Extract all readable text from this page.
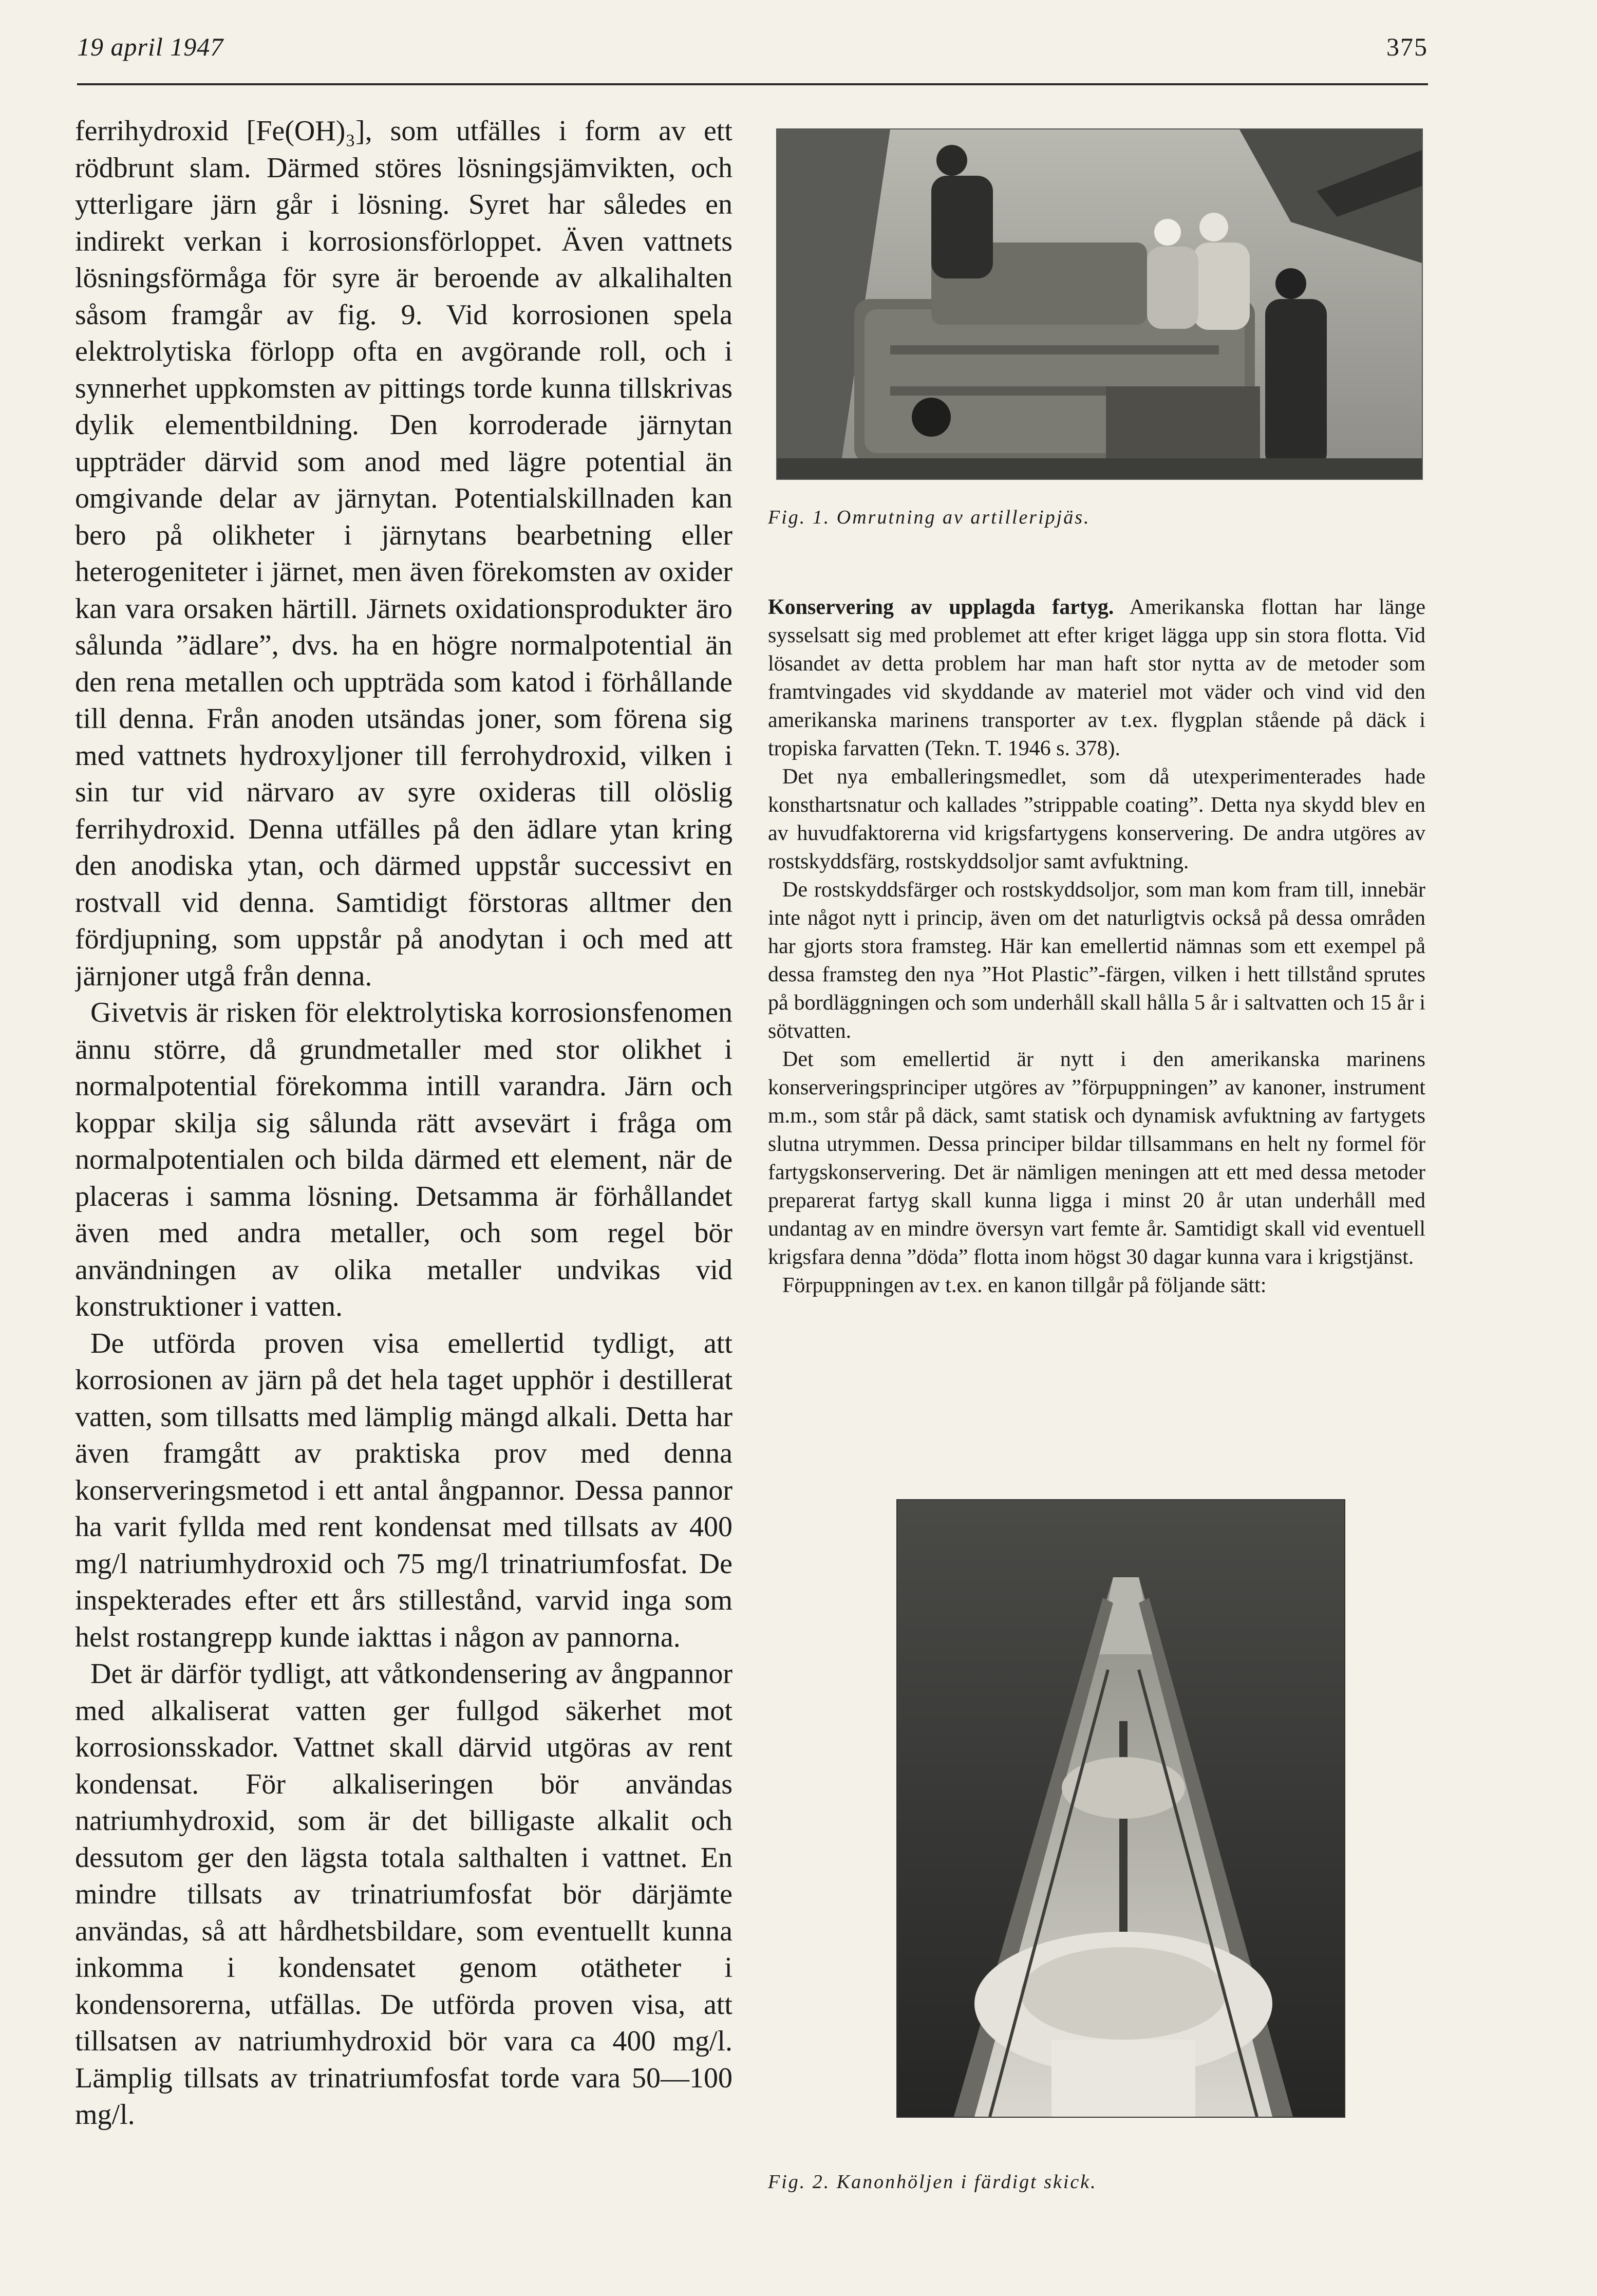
19 april 1947	375

ferrihydroxid [Fe(OH)₃], som utfälles i form av ett rödbrunt slam. Därmed störes lösningsjämvikten, och ytterligare järn går i lösning. Syret har således en indirekt verkan i korrosionsförloppet. Även vattnets lösningsförmåga för syre är beroende av alkalihalten såsom framgår av fig. 9. Vid korrosionen spela elektrolytiska förlopp ofta en avgörande roll, och i synnerhet uppkomsten av pittings torde kunna tillskrivas dylik elementbildning. Den korroderade järnytan uppträder därvid som anod med lägre potential än omgivande delar av järnytan. Potentialskillnaden kan bero på olikheter i järnytans bearbetning eller heterogeniteter i järnet, men även förekomsten av oxider kan vara orsaken härtill. Järnets oxidationsprodukter äro sålunda ”ädlare”, dvs. ha en högre normalpotential än den rena metallen och uppträda som katod i förhållande till denna. Från anoden utsändas joner, som förena sig med vattnets hydroxyljoner till ferrohydroxid, vilken i sin tur vid närvaro av syre oxideras till olöslig ferrihydroxid. Denna utfälles på den ädlare ytan kring den anodiska ytan, och därmed uppstår successivt en rostvall vid denna. Samtidigt förstoras alltmer den fördjupning, som uppstår på anodytan i och med att järnjoner utgå från denna.

Givetvis är risken för elektrolytiska korrosionsfenomen ännu större, då grundmetaller med stor olikhet i normalpotential förekomma intill varandra. Järn och koppar skilja sig sålunda rätt avsevärt i fråga om normalpotentialen och bilda därmed ett element, när de placeras i samma lösning. Detsamma är förhållandet även med andra metaller, och som regel bör användningen av olika metaller undvikas vid konstruktioner i vatten.

De utförda proven visa emellertid tydligt, att korrosionen av järn på det hela taget upphör i destillerat vatten, som tillsatts med lämplig mängd alkali. Detta har även framgått av praktiska prov med denna konserveringsmetod i ett antal ångpannor. Dessa pannor ha varit fyllda med rent kondensat med tillsats av 400 mg/l natriumhydroxid och 75 mg/l trinatriumfosfat. De inspekterades efter ett års stillestånd, varvid inga som helst rostangrepp kunde iakttas i någon av pannorna.

Det är därför tydligt, att våtkondensering av ångpannor med alkaliserat vatten ger fullgod säkerhet mot korrosionsskador. Vattnet skall därvid utgöras av rent kondensat. För alkaliseringen bör användas natriumhydroxid, som är det billigaste alkalit och dessutom ger den lägsta totala salthalten i vattnet. En mindre tillsats av trinatriumfosfat bör därjämte användas, så att hårdhetsbildare, som eventuellt kunna inkomma i kondensatet genom otätheter i kondensorerna, utfällas. De utförda proven visa, att tillsatsen av natriumhydroxid bör vara ca 400 mg/l. Lämplig tillsats av trinatriumfosfat torde vara 50—100 mg/l.

Fig. 1. Omrutning av artilleripjäs.

Konservering av upplagda fartyg. Amerikanska flottan har länge sysselsatt sig med problemet att efter kriget lägga upp sin stora flotta. Vid lösandet av detta problem har man haft stor nytta av de metoder som framtvingades vid skyddande av materiel mot väder och vind vid den amerikanska marinens transporter av t.ex. flygplan stående på däck i tropiska farvatten (Tekn. T. 1946 s. 378).

Det nya emballeringsmedlet, som då utexperimenterades hade konsthartsnatur och kallades ”strippable coating”. Detta nya skydd blev en av huvudfaktorerna vid krigsfartygens konservering. De andra utgöres av rostskyddsfärg, rostskyddsoljor samt avfuktning.

De rostskyddsfärger och rostskyddsoljor, som man kom fram till, innebär inte något nytt i princip, även om det naturligtvis också på dessa områden har gjorts stora framsteg. Här kan emellertid nämnas som ett exempel på dessa framsteg den nya ”Hot Plastic”-färgen, vilken i hett tillstånd sprutes på bordläggningen och som underhåll skall hålla 5 år i saltvatten och 15 år i sötvatten.

Det som emellertid är nytt i den amerikanska marinens konserveringsprinciper utgöres av ”förpuppningen” av kanoner, instrument m.m., som står på däck, samt statisk och dynamisk avfuktning av fartygets slutna utrymmen. Dessa principer bildar tillsammans en helt ny formel för fartygskonservering. Det är nämligen meningen att ett med dessa metoder preparerat fartyg skall kunna ligga i minst 20 år utan underhåll med undantag av en mindre översyn vart femte år. Samtidigt skall vid eventuell krigsfara denna ”döda” flotta inom högst 30 dagar kunna vara i krigstjänst.

Förpuppningen av t.ex. en kanon tillgår på följande sätt:

Fig. 2. Kanonhöljen i färdigt skick.
